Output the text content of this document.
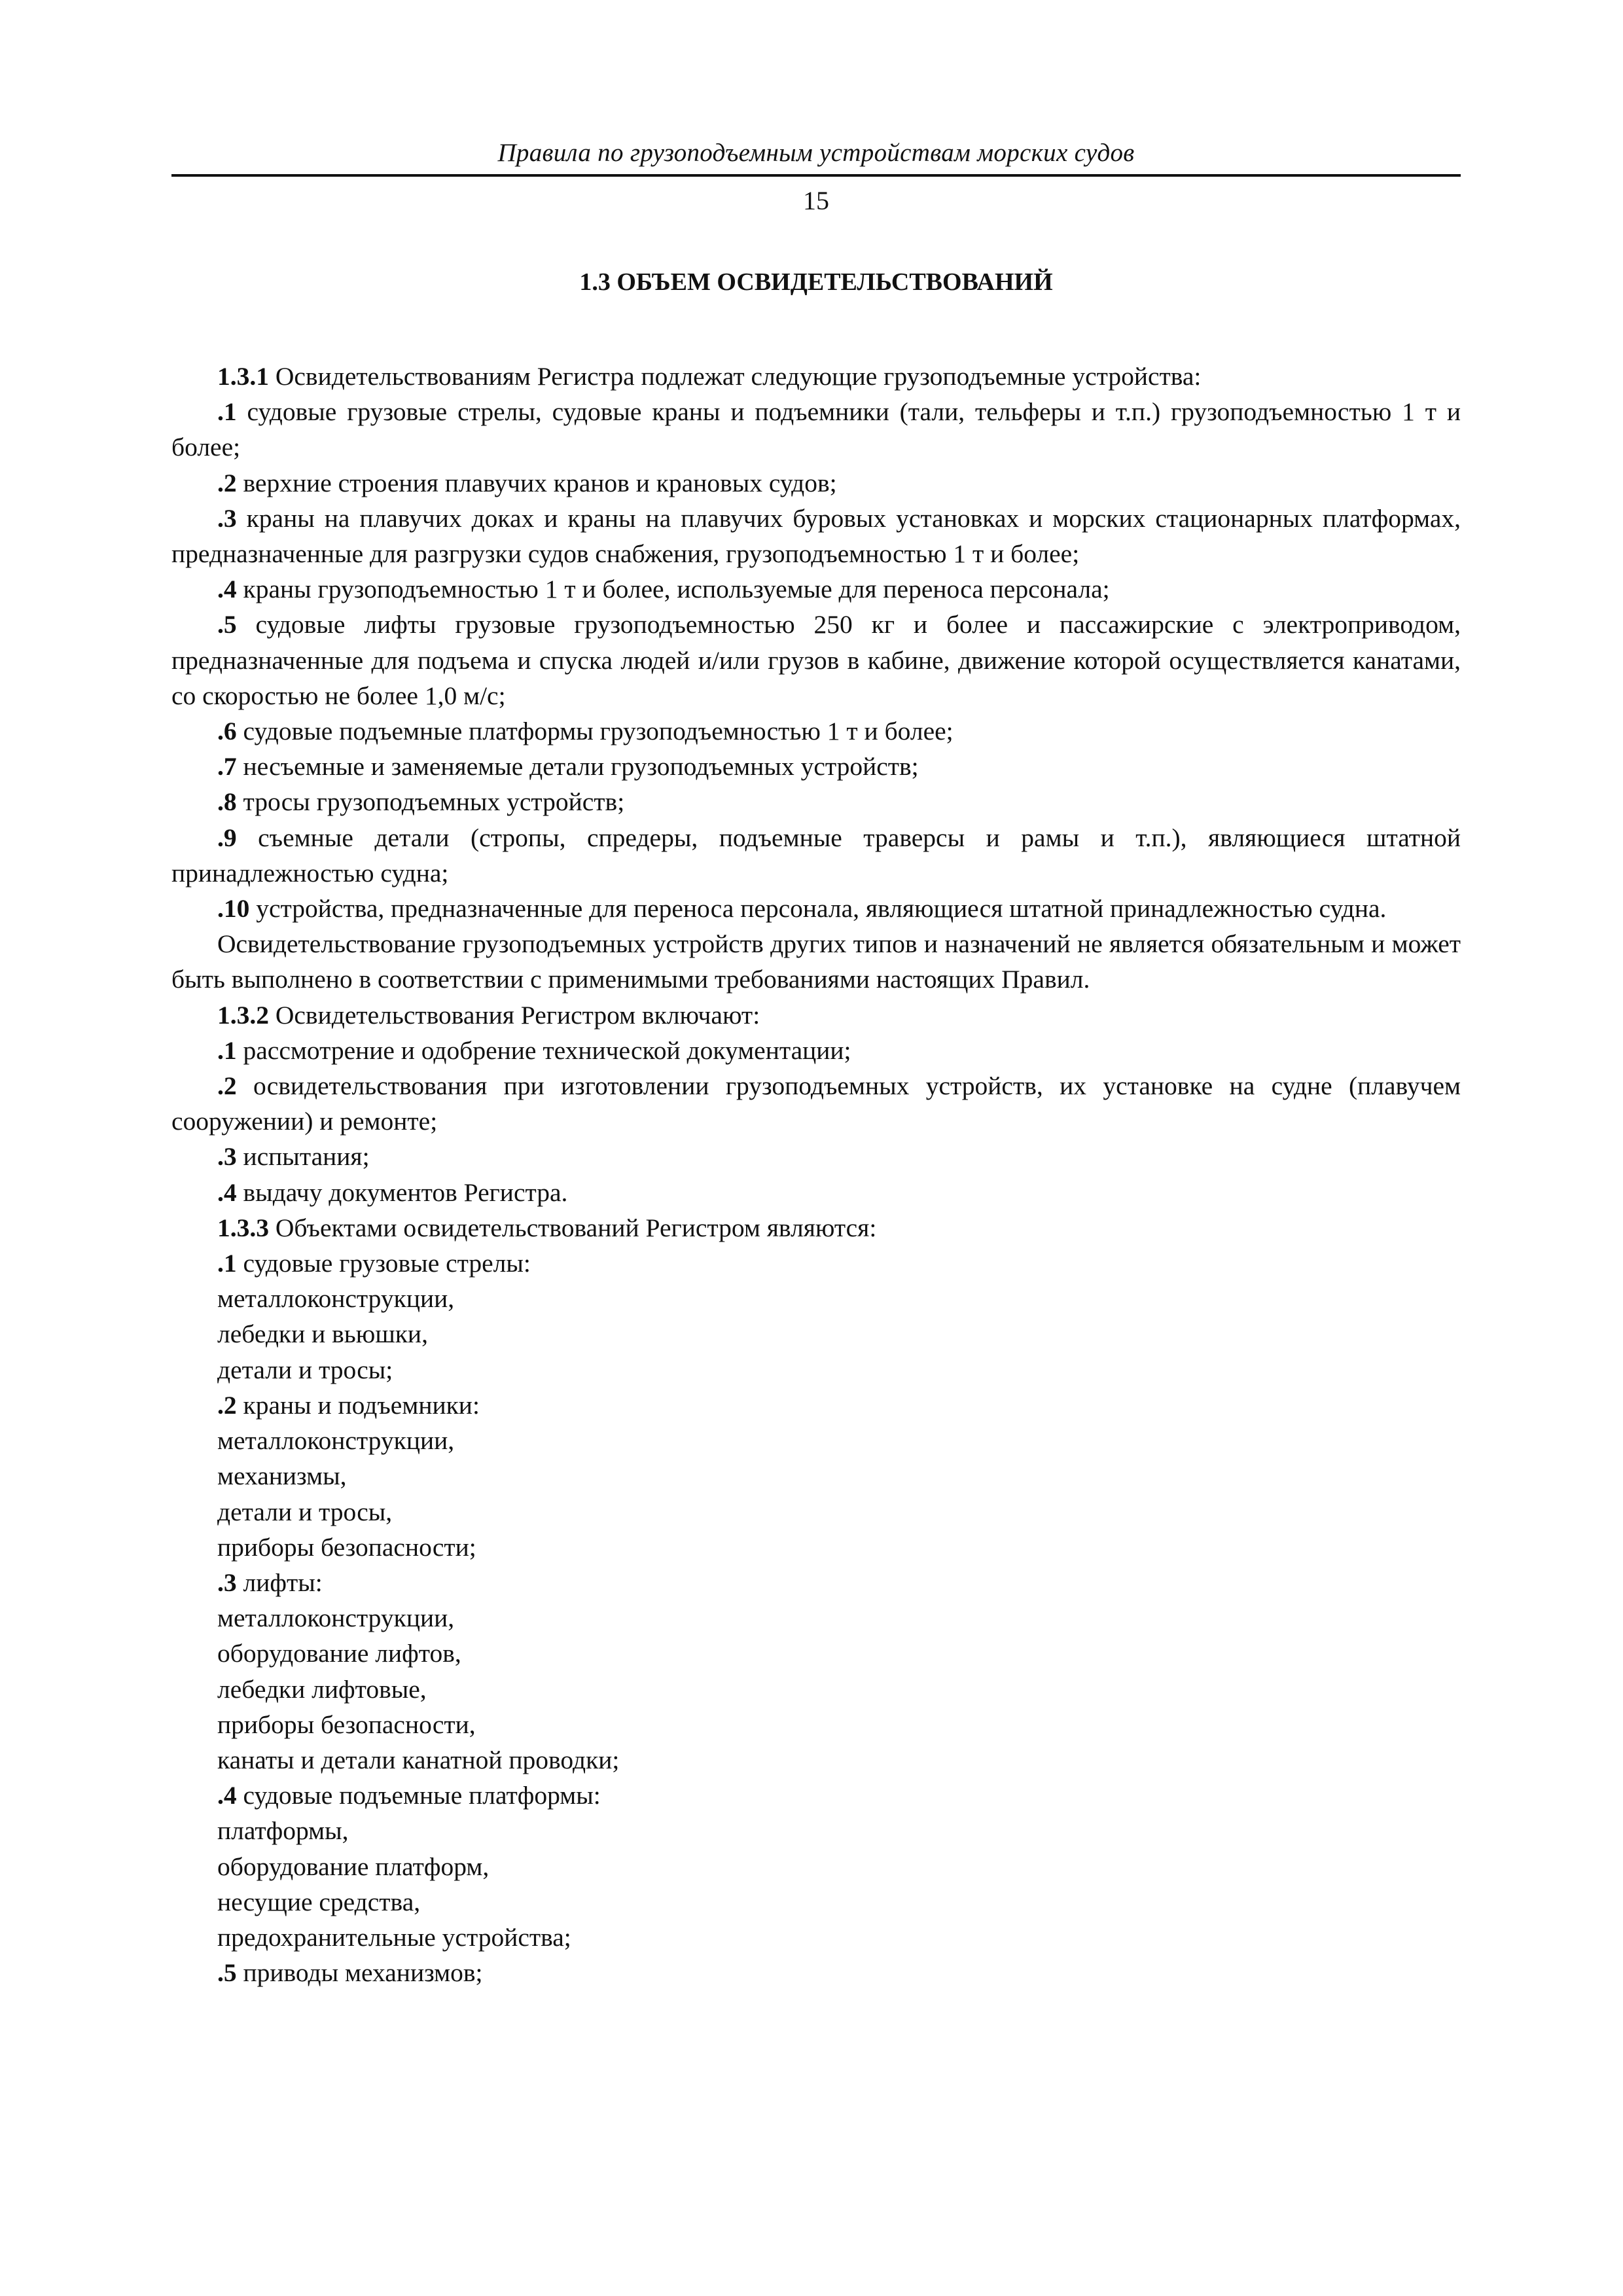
Правила по грузоподъемным устройствам морских судов
15
1.3 ОБЪЕМ ОСВИДЕТЕЛЬСТВОВАНИЙ

1.3.1 Освидетельствованиям Регистра подлежат следующие грузоподъемные устройства:

.1 судовые грузовые стрелы, судовые краны и подъемники (тали, тельферы и т.п.) грузоподъемностью 1 т и более;

.2 верхние строения плавучих кранов и крановых судов;

.3 краны на плавучих доках и краны на плавучих буровых установках и морских стационарных платформах, предназначенные для разгрузки судов снабжения, грузоподъемностью 1 т и более;

.4 краны грузоподъемностью 1 т и более, используемые для переноса персонала;

.5 судовые лифты грузовые грузоподъемностью 250 кг и более и пассажирские с электроприводом, предназначенные для подъема и спуска людей и/или грузов в кабине, движение которой осуществляется канатами, со скоростью не более 1,0 м/с;

.6 судовые подъемные платформы грузоподъемностью 1 т и более;

.7 несъемные и заменяемые детали грузоподъемных устройств;

.8 тросы грузоподъемных устройств;

.9 съемные детали (стропы, спредеры, подъемные траверсы и рамы и т.п.), являющиеся штатной принадлежностью судна;

.10 устройства, предназначенные для переноса персонала, являющиеся штатной принадлежностью судна.

Освидетельствование грузоподъемных устройств других типов и назначений не является обязательным и может быть выполнено в соответствии с применимыми требованиями настоящих Правил.

1.3.2 Освидетельствования Регистром включают:

.1 рассмотрение и одобрение технической документации;

.2 освидетельствования при изготовлении грузоподъемных устройств, их установке на судне (плавучем сооружении) и ремонте;

.3 испытания;

.4 выдачу документов Регистра.

1.3.3 Объектами освидетельствований Регистром являются:

.1 судовые грузовые стрелы:

металлоконструкции,

лебедки и вьюшки,

детали и тросы;

.2 краны и подъемники:

металлоконструкции,

механизмы,

детали и тросы,

приборы безопасности;

.3 лифты:

металлоконструкции,

оборудование лифтов,

лебедки лифтовые,

приборы безопасности,

канаты и детали канатной проводки;

.4 судовые подъемные платформы:

платформы,

оборудование платформ,

несущие средства,

предохранительные устройства;

.5 приводы механизмов;
